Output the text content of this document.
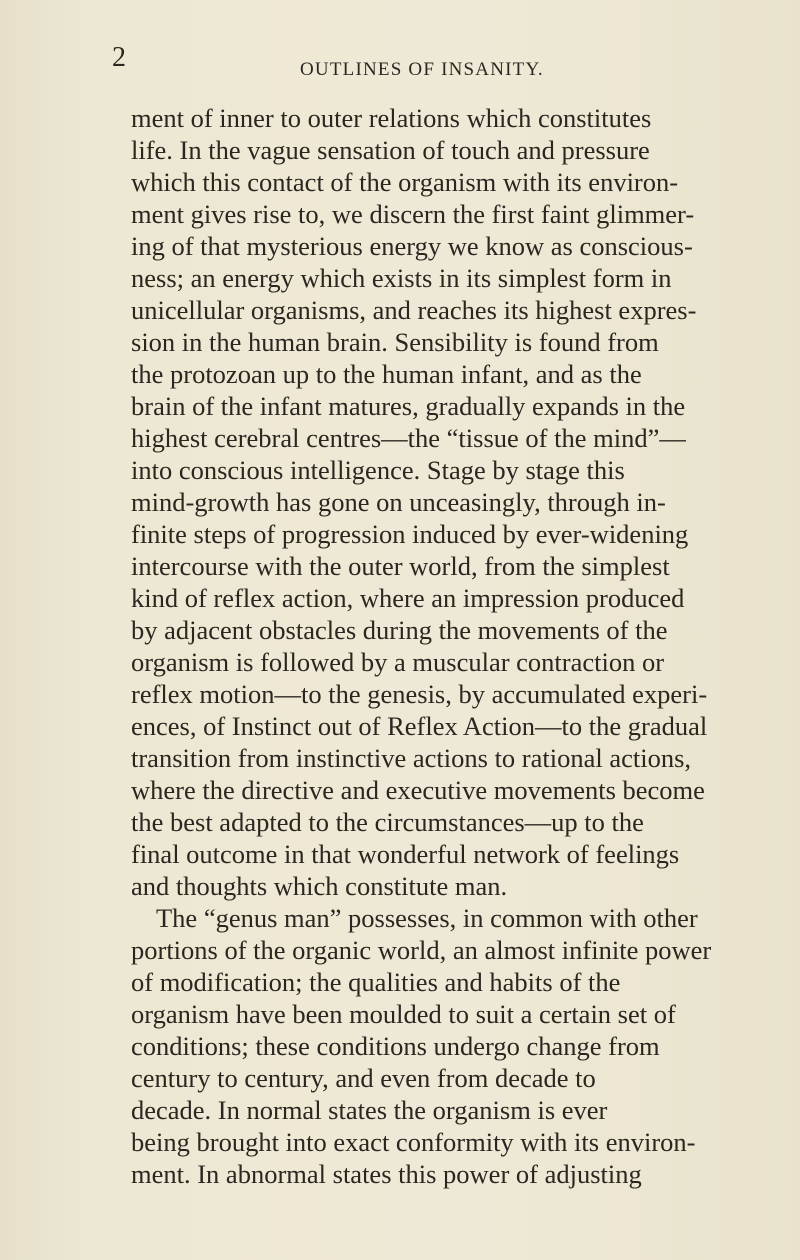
2	OUTLINES OF INSANITY.
ment of inner to outer relations which constitutes
life. In the vague sensation of touch and pressure
which this contact of the organism with its environ-
ment gives rise to, we discern the first faint glimmer-
ing of that mysterious energy we know as conscious-
ness; an energy which exists in its simplest form in
unicellular organisms, and reaches its highest expres-
sion in the human brain. Sensibility is found from
the protozoan up to the human infant, and as the
brain of the infant matures, gradually expands in the
highest cerebral centres—the “tissue of the mind”—
into conscious intelligence. Stage by stage this
mind-growth has gone on unceasingly, through in-
finite steps of progression induced by ever-widening
intercourse with the outer world, from the simplest
kind of reflex action, where an impression produced
by adjacent obstacles during the movements of the
organism is followed by a muscular contraction or
reflex motion—to the genesis, by accumulated experi-
ences, of Instinct out of Reflex Action—to the gradual
transition from instinctive actions to rational actions,
where the directive and executive movements become
the best adapted to the circumstances—up to the
final outcome in that wonderful network of feelings
and thoughts which constitute man.
The “genus man” possesses, in common with other
portions of the organic world, an almost infinite power
of modification; the qualities and habits of the
organism have been moulded to suit a certain set of
conditions; these conditions undergo change from
century to century, and even from decade to
decade. In normal states the organism is ever
being brought into exact conformity with its environ-
ment. In abnormal states this power of adjusting
